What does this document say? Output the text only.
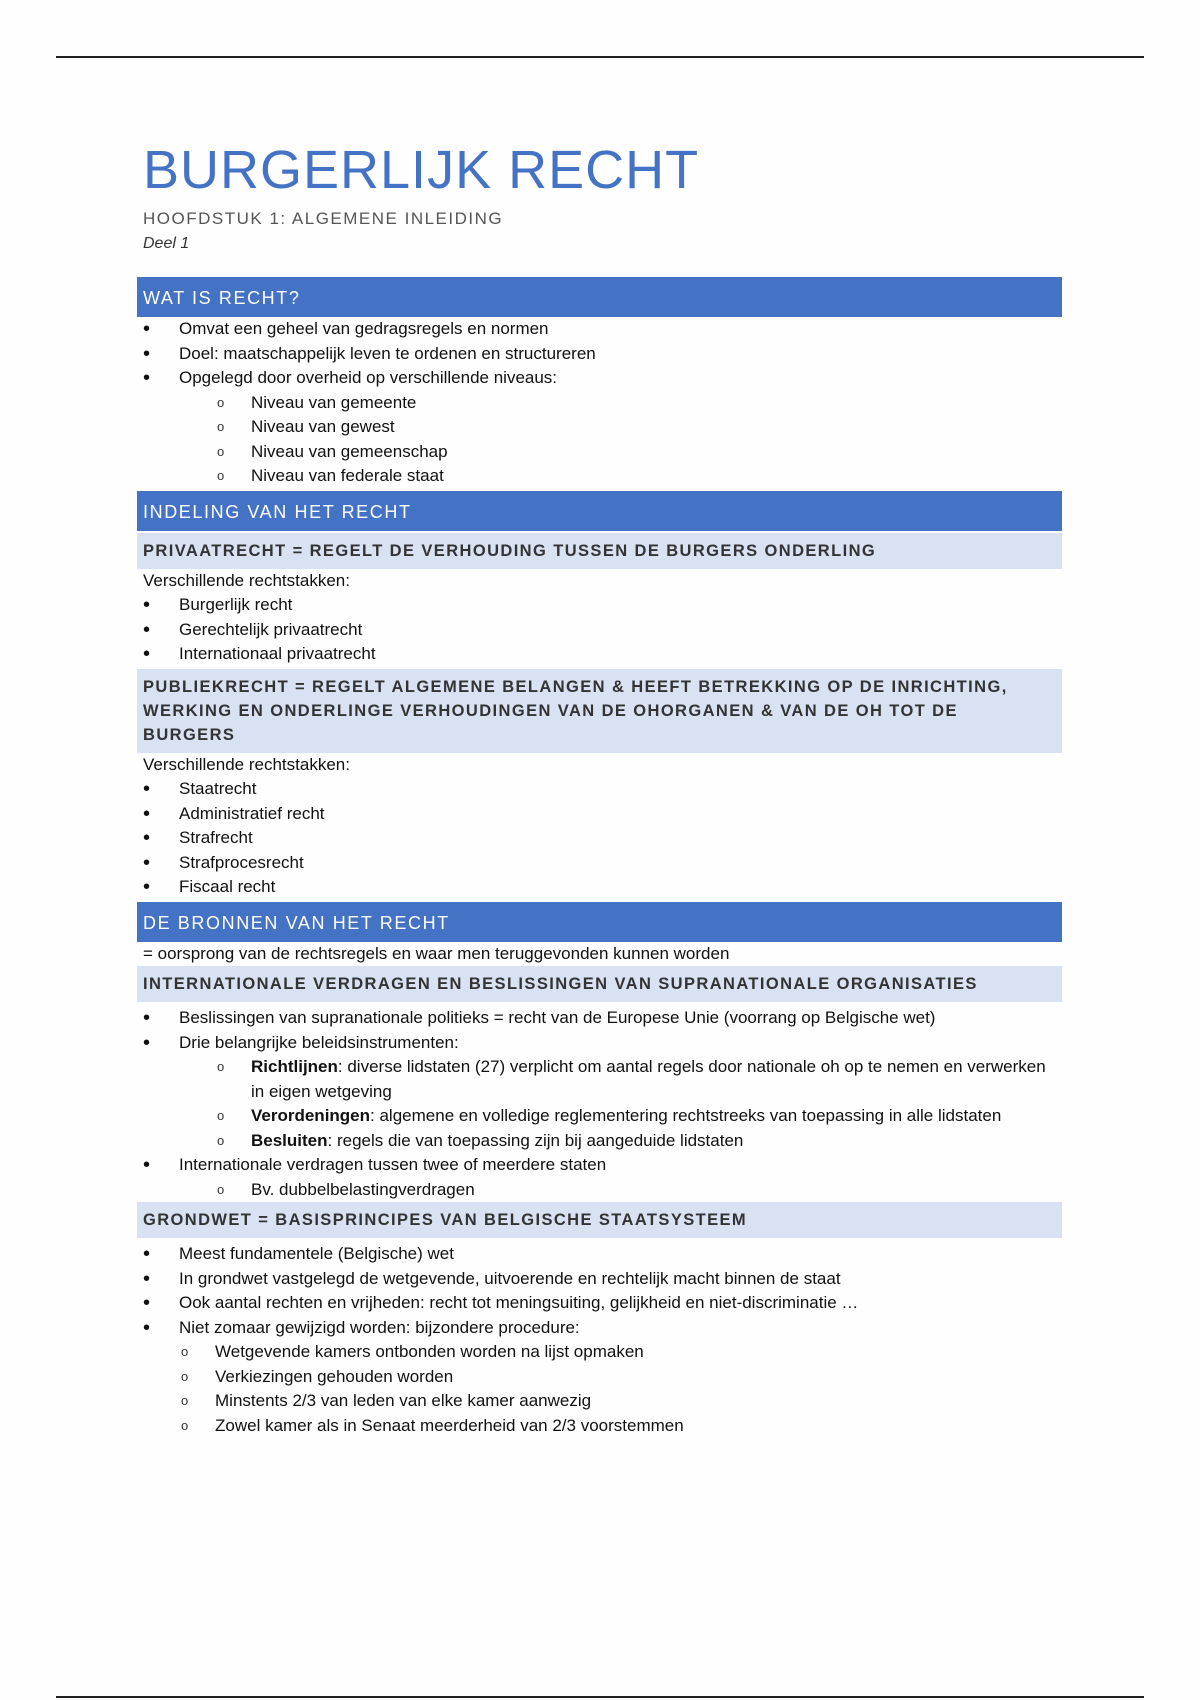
BURGERLIJK RECHT
HOOFDSTUK 1: ALGEMENE INLEIDING
Deel 1
WAT IS RECHT?
• Omvat een geheel van gedragsregels en normen
• Doel: maatschappelijk leven te ordenen en structureren
• Opgelegd door overheid op verschillende niveaus:
o Niveau van gemeente
o Niveau van gewest
o Niveau van gemeenschap
o Niveau van federale staat
INDELING VAN HET RECHT
PRIVAATRECHT = REGELT DE VERHOUDING TUSSEN DE BURGERS ONDERLING

Verschillende rechtstakken:

• Burgerlijk recht
• Gerechtelijk privaatrecht
• Internationaal privaatrecht
PUBLIEKRECHT = REGELT ALGEMENE BELANGEN & HEEFT BETREKKING OP DE INRICHTING, WERKING EN ONDERLINGE VERHOUDINGEN VAN DE OHORGANEN & VAN DE OH TOT DE BURGERS

Verschillende rechtstakken:

• Staatrecht
• Administratief recht
• Strafrecht
• Strafprocesrecht
• Fiscaal recht
DE BRONNEN VAN HET RECHT

= oorsprong van de rechtsregels en waar men teruggevonden kunnen worden

INTERNATIONALE VERDRAGEN EN BESLISSINGEN VAN SUPRANATIONALE ORGANISATIES
• Beslissingen van supranationale politieks = recht van de Europese Unie (voorrang op Belgische wet)
• Drie belangrijke beleidsinstrumenten:
o Richtlijnen: diverse lidstaten (27) verplicht om aantal regels door nationale oh op te nemen en verwerken in eigen wetgeving
o Verordeningen: algemene en volledige reglementering rechtstreeks van toepassing in alle lidstaten
o Besluiten: regels die van toepassing zijn bij aangeduide lidstaten
• Internationale verdragen tussen twee of meerdere staten
o Bv. dubbelbelastingverdragen
GRONDWET = BASISPRINCIPES VAN BELGISCHE STAATSYSTEEM
• Meest fundamentele (Belgische) wet
• In grondwet vastgelegd de wetgevende, uitvoerende en rechtelijk macht binnen de staat
• Ook aantal rechten en vrijheden: recht tot meningsuiting, gelijkheid en niet-discriminatie …
• Niet zomaar gewijzigd worden: bijzondere procedure:
o Wetgevende kamers ontbonden worden na lijst opmaken
o Verkiezingen gehouden worden
o Minstents 2/3 van leden van elke kamer aanwezig
o Zowel kamer als in Senaat meerderheid van 2/3 voorstemmen
